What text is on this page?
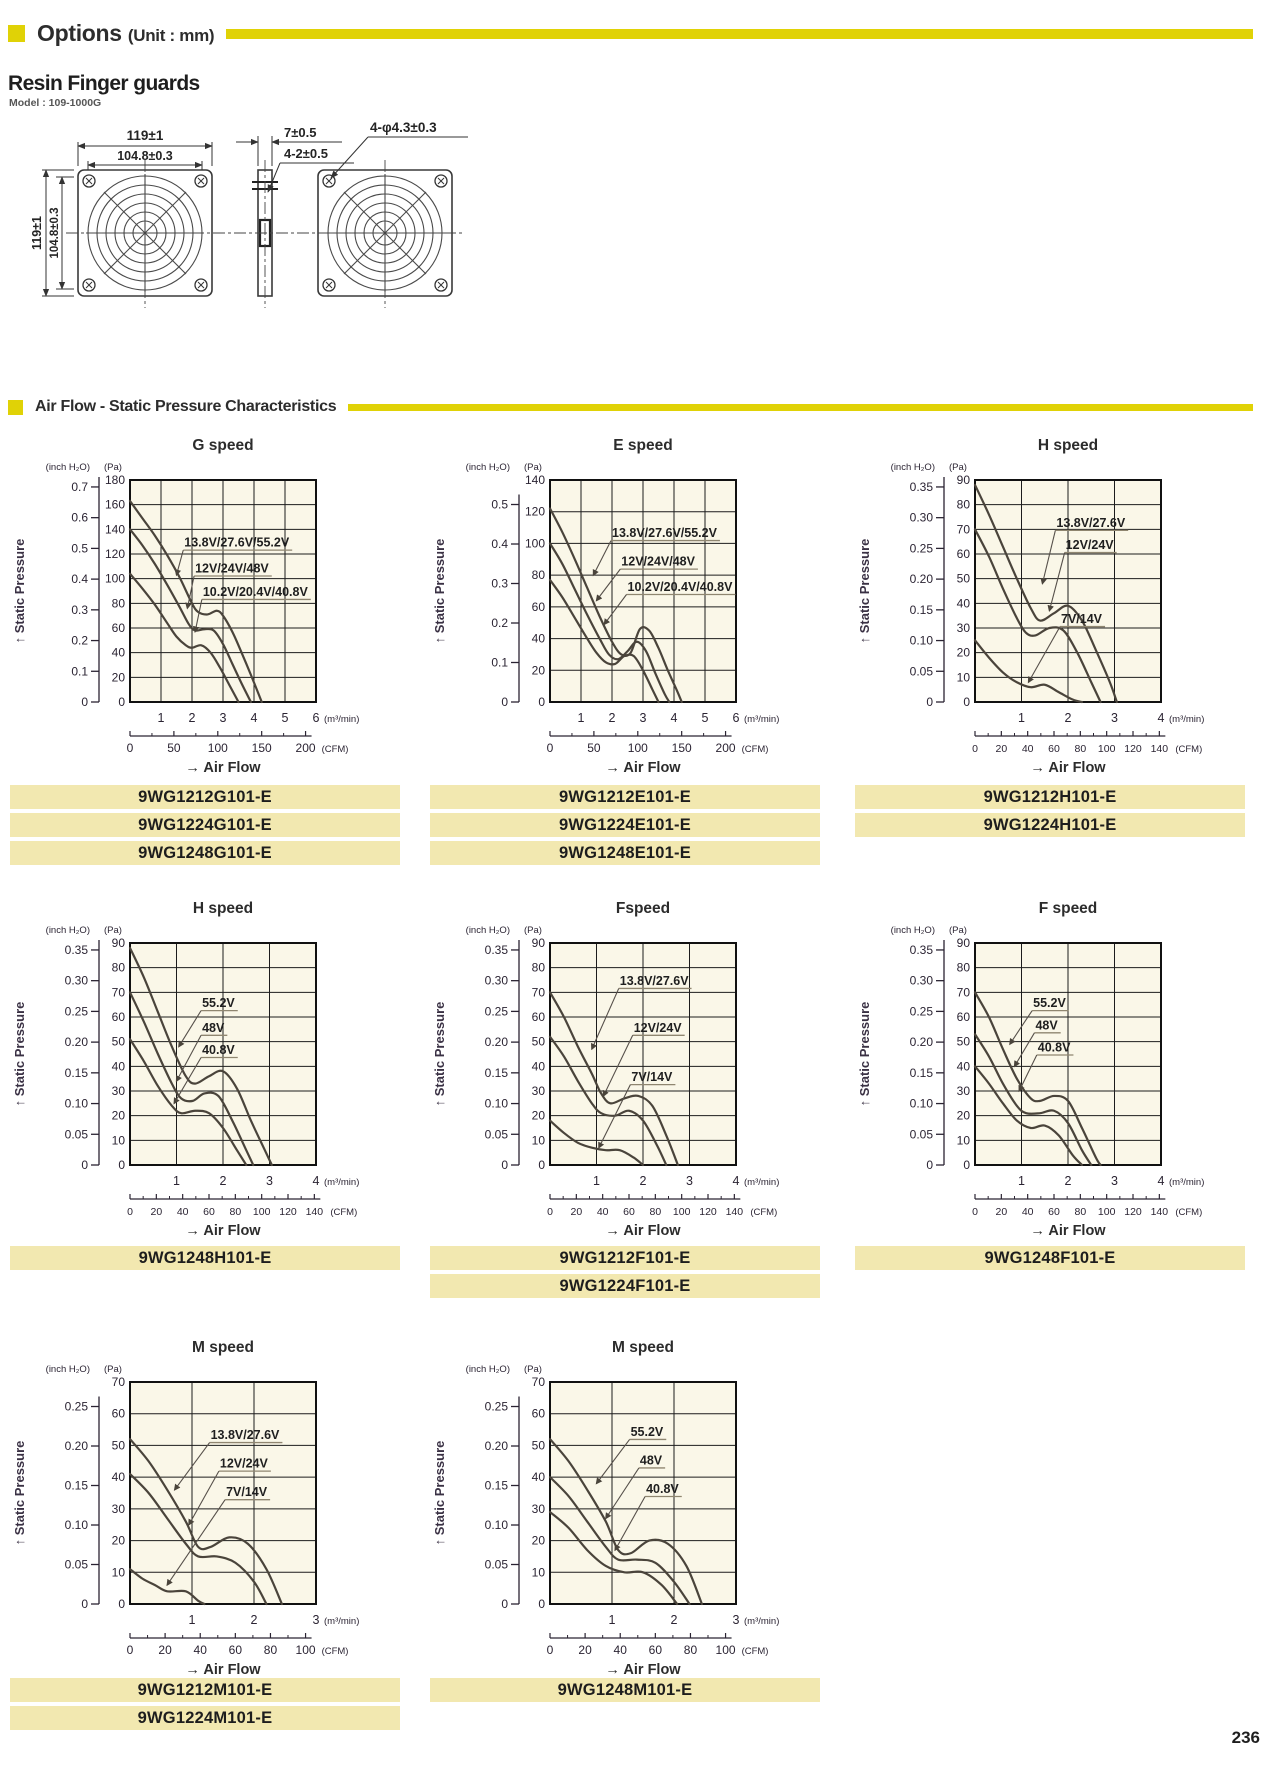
Options (Unit : mm)
Resin Finger guards
Model : 109-1000G
119±1
104.8±0.3
119±1 104.8±0.3
7±0.5
4-2±0.5
4-φ4.3±0.3
Air Flow - Static Pressure Characteristics
G speed
(inch H₂O) (Pa)
↑ Static Pressure
0.7
0.6
0.5
0.4
0.3
0.2
0.1
0	0
20
40
60
80
100
120
140
160
180
13.8V/27.6V/55.2V
12V/24V/48V
10.2V/20.4V/40.8V
1 2 3 4 5 6 (m³/min)
0	50 100 150 200 (CFM)
→ Air Flow
9WG1212G101-E
9WG1224G101-E
9WG1248G101-E
E speed
(inch H₂O) (Pa)
↑ Static Pressure
0.5
0.4
0.3
0.2
0.1
0	0
20
40
60
80
100
120
140
13.8V/27.6V/55.2V
12V/24V/48V
10.2V/20.4V/40.8V
1 2 3 4 5 6 (m³/min)
0	50 100 150 200 (CFM)
→ Air Flow
9WG1212E101-E
9WG1224E101-E
9WG1248E101-E
H speed
(inch H₂O) (Pa)
↑ Static Pressure
0.35
0.30
0.25
0.20
0.15
0.10
0.05
0	0
10
20
30
40
50
60
70
80
90
13.8V/27.6V
12V/24V
7V/14V
1	2	3	4 (m³/min)
0 20 40 60 80 100 120 140 (CFM)
→ Air Flow
9WG1212H101-E
9WG1224H101-E
H speed
(inch H₂O) (Pa)
↑ Static Pressure
0.35
0.30
0.25
0.20
0.15
0.10
0.05
0	0
10
20
30
40
50
60
70
80
90
55.2V
48V
40.8V
1	2	3	4 (m³/min)
0 20 40 60 80 100 120 140 (CFM)
→ Air Flow
9WG1248H101-E
Fspeed
(inch H₂O) (Pa)
↑ Static Pressure
0.35
0.30
0.25
0.20
0.15
0.10
0.05
0	0
10
20
30
40
50
60
70
80
90
13.8V/27.6V
12V/24V
7V/14V
1	2	3	4 (m³/min)
0 20 40 60 80 100 120 140 (CFM)
→ Air Flow
9WG1212F101-E
9WG1224F101-E
F speed
(inch H₂O) (Pa)
↑ Static Pressure
0.35
0.30
0.25
0.20
0.15
0.10
0.05
0	0
10
20
30
40
50
60
70
80
90
55.2V
48V
40.8V
1	2	3	4 (m³/min)
0 20 40 60 80 100 120 140 (CFM)
→ Air Flow
9WG1248F101-E
M speed
(inch H₂O) (Pa)
↑ Static Pressure
0.25
0.20
0.15
0.10
0.05
0	0
10
20
30
40
50
60
70
13.8V/27.6V
12V/24V
7V/14V
1	2	3 (m³/min)
0 20 40 60 80 100 (CFM)
→ Air Flow
9WG1212M101-E
9WG1224M101-E
M speed
(inch H₂O) (Pa)
↑ Static Pressure
0.25
0.20
0.15
0.10
0.05
0	0
10
20
30
40
50
60
70
55.2V
48V
40.8V
1	2	3 (m³/min)
0 20 40 60 80 100 (CFM)
→ Air Flow
9WG1248M101-E
236
